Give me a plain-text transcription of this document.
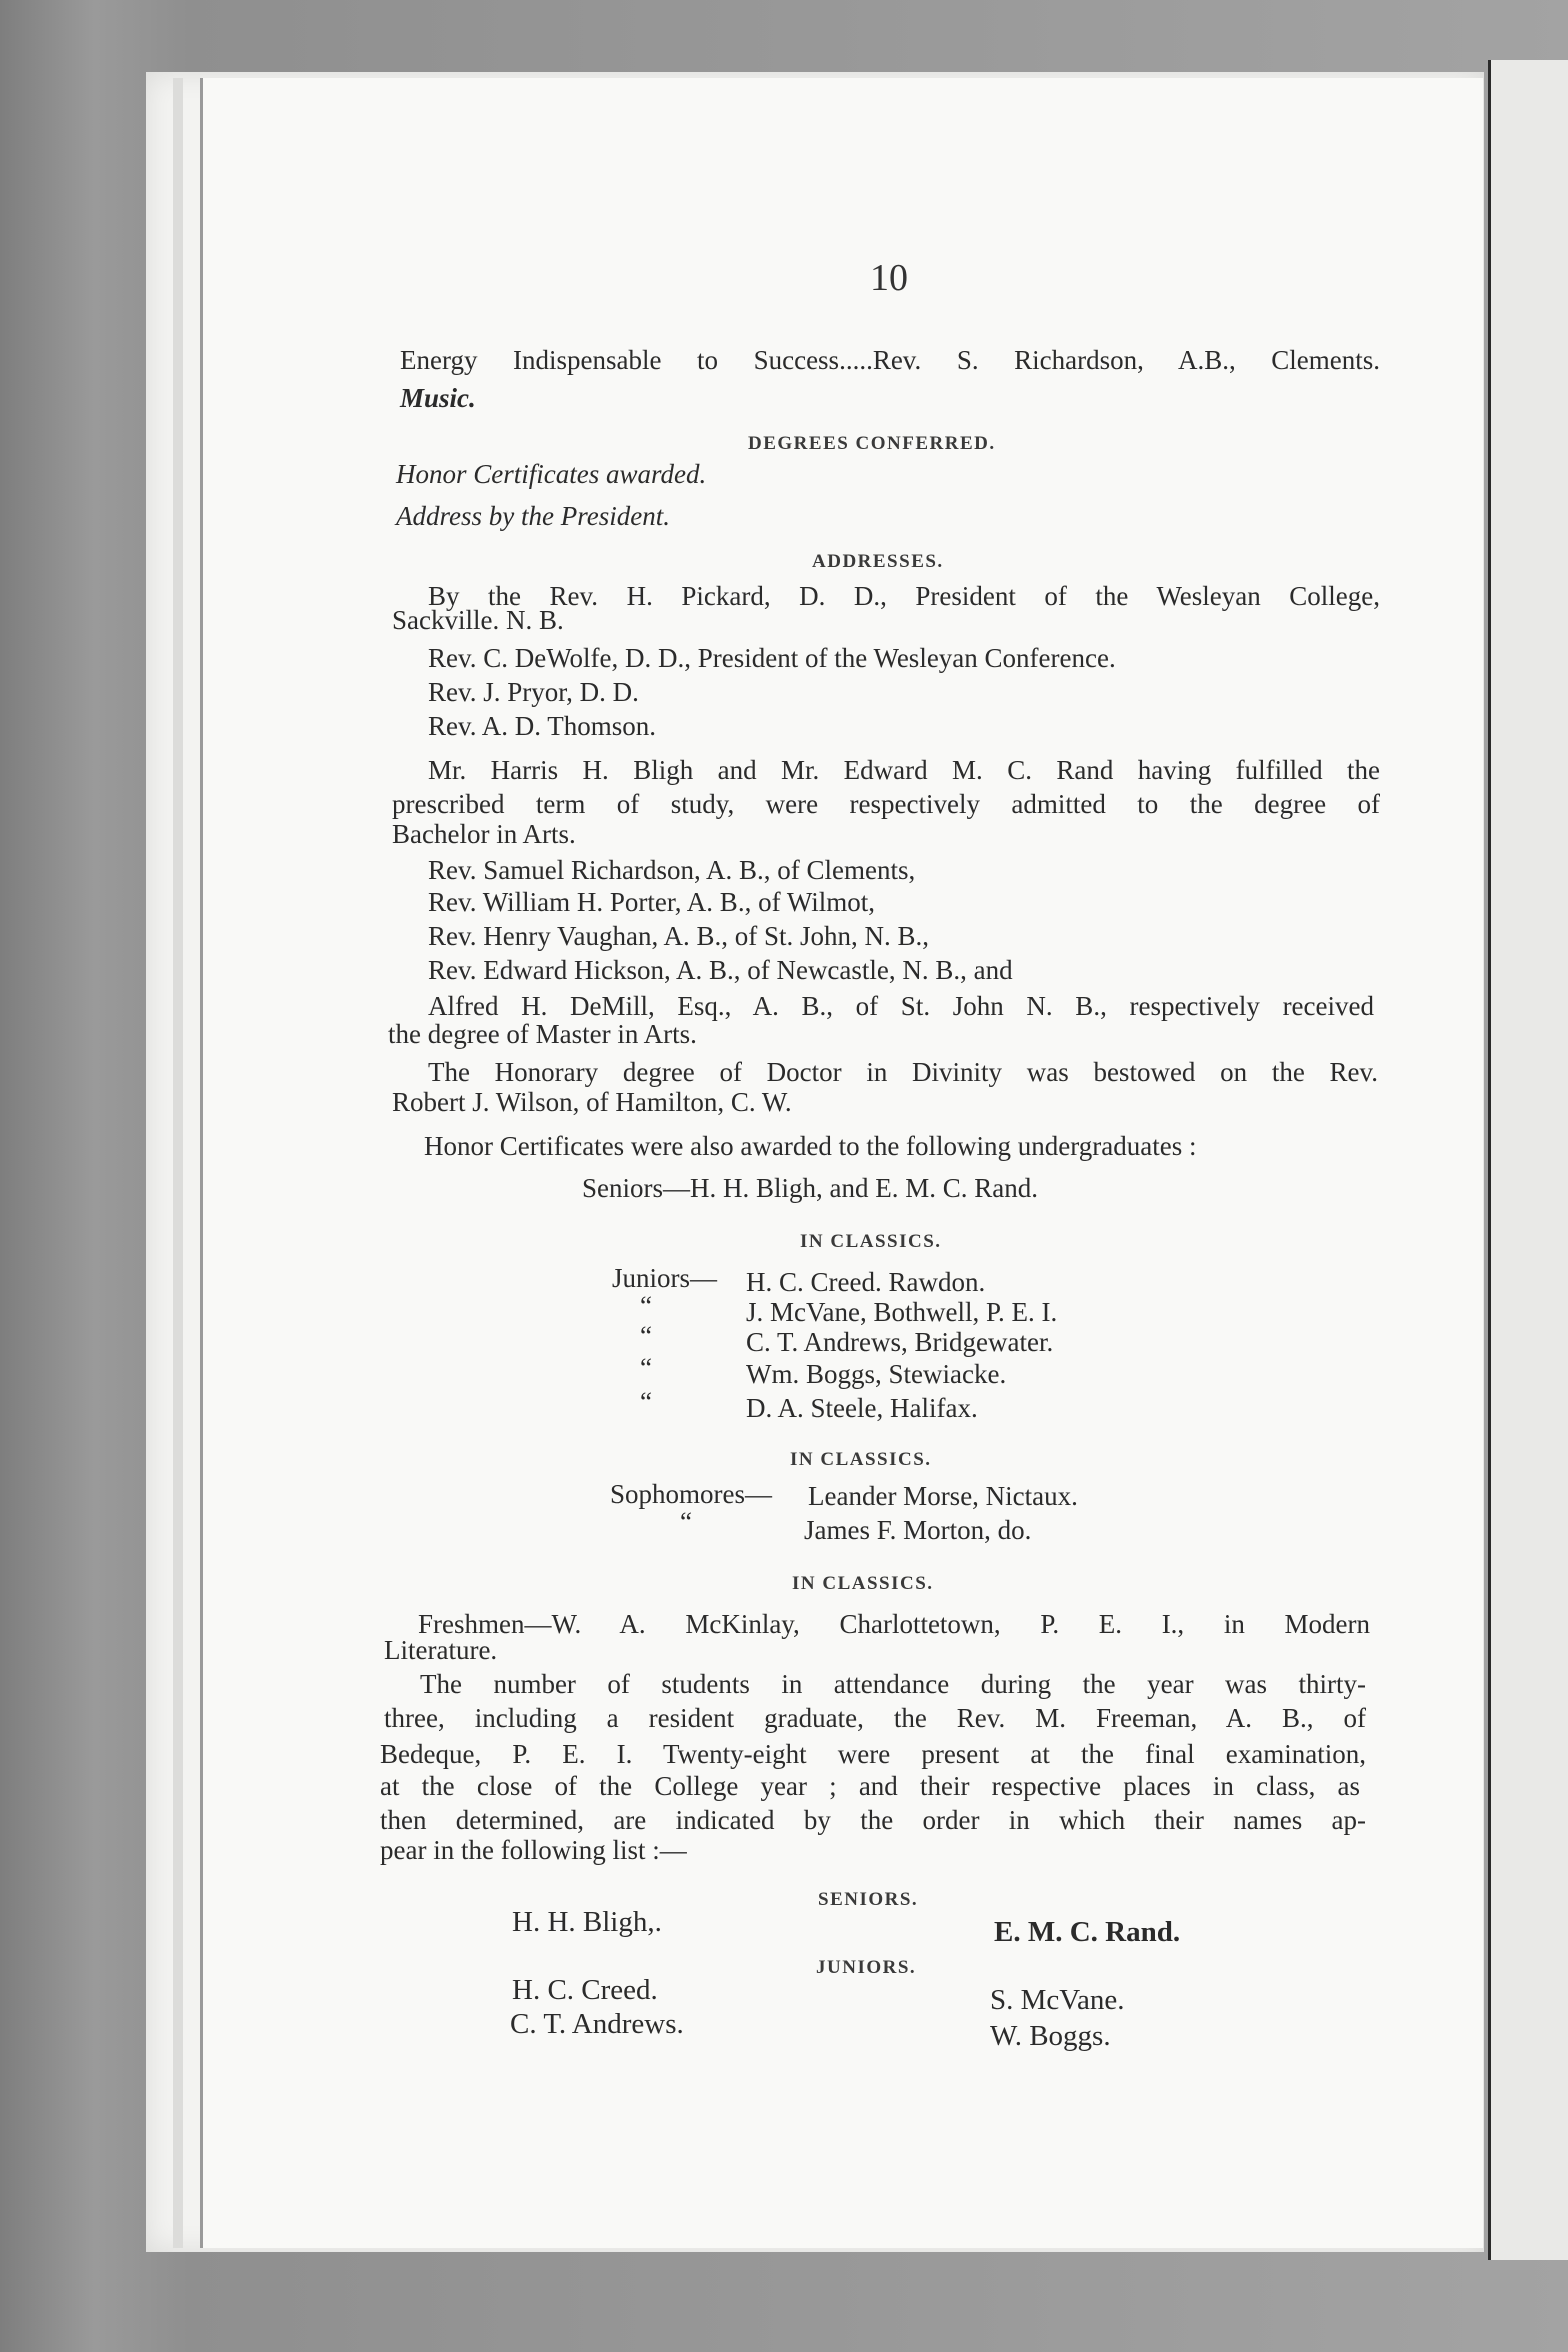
10
Energy Indispensable to Success.....Rev. S. Richardson, A.B., Clements.
Music.
DEGREES CONFERRED.
Honor Certificates awarded.
Address by the President.
ADDRESSES.
By the Rev. H. Pickard, D. D., President of the Wesleyan College,
Sackville. N. B.
Rev. C. DeWolfe, D. D., President of the Wesleyan Conference.
Rev. J. Pryor, D. D.
Rev. A. D. Thomson.
Mr. Harris H. Bligh and Mr. Edward M. C. Rand having fulfilled the
prescribed term of study, were respectively admitted to the degree of
Bachelor in Arts.
Rev. Samuel Richardson, A. B., of Clements,
Rev. William H. Porter, A. B., of Wilmot,
Rev. Henry Vaughan, A. B., of St. John, N. B.,
Rev. Edward Hickson, A. B., of Newcastle, N. B., and
Alfred H. DeMill, Esq., A. B., of St. John N. B., respectively received
the degree of Master in Arts.
The Honorary degree of Doctor in Divinity was bestowed on the Rev.
Robert J. Wilson, of Hamilton, C. W.
Honor Certificates were also awarded to the following undergraduates :
Seniors—H. H. Bligh, and E. M. C. Rand.
IN CLASSICS.
Juniors— H. C. Creed. Rawdon.
“	J. McVane, Bothwell, P. E. I.
“	C. T. Andrews, Bridgewater.
“	Wm. Boggs, Stewiacke.
“	D. A. Steele, Halifax.
IN CLASSICS.
Sophomores— Leander Morse, Nictaux.
“	James F. Morton, do.
IN CLASSICS.
Freshmen—W. A. McKinlay, Charlottetown, P. E. I., in Modern
Literature.
The number of students in attendance during the year was thirty-
three, including a resident graduate, the Rev. M. Freeman, A. B., of
Bedeque, P. E. I. Twenty-eight were present at the final examination,
at the close of the College year ; and their respective places in class, as
then determined, are indicated by the order in which their names ap-
pear in the following list :—
SENIORS.
H. H. Bligh,.	E. M. C. Rand.
JUNIORS.
H. C. Creed.	S. McVane.
C. T. Andrews.	W. Boggs.
